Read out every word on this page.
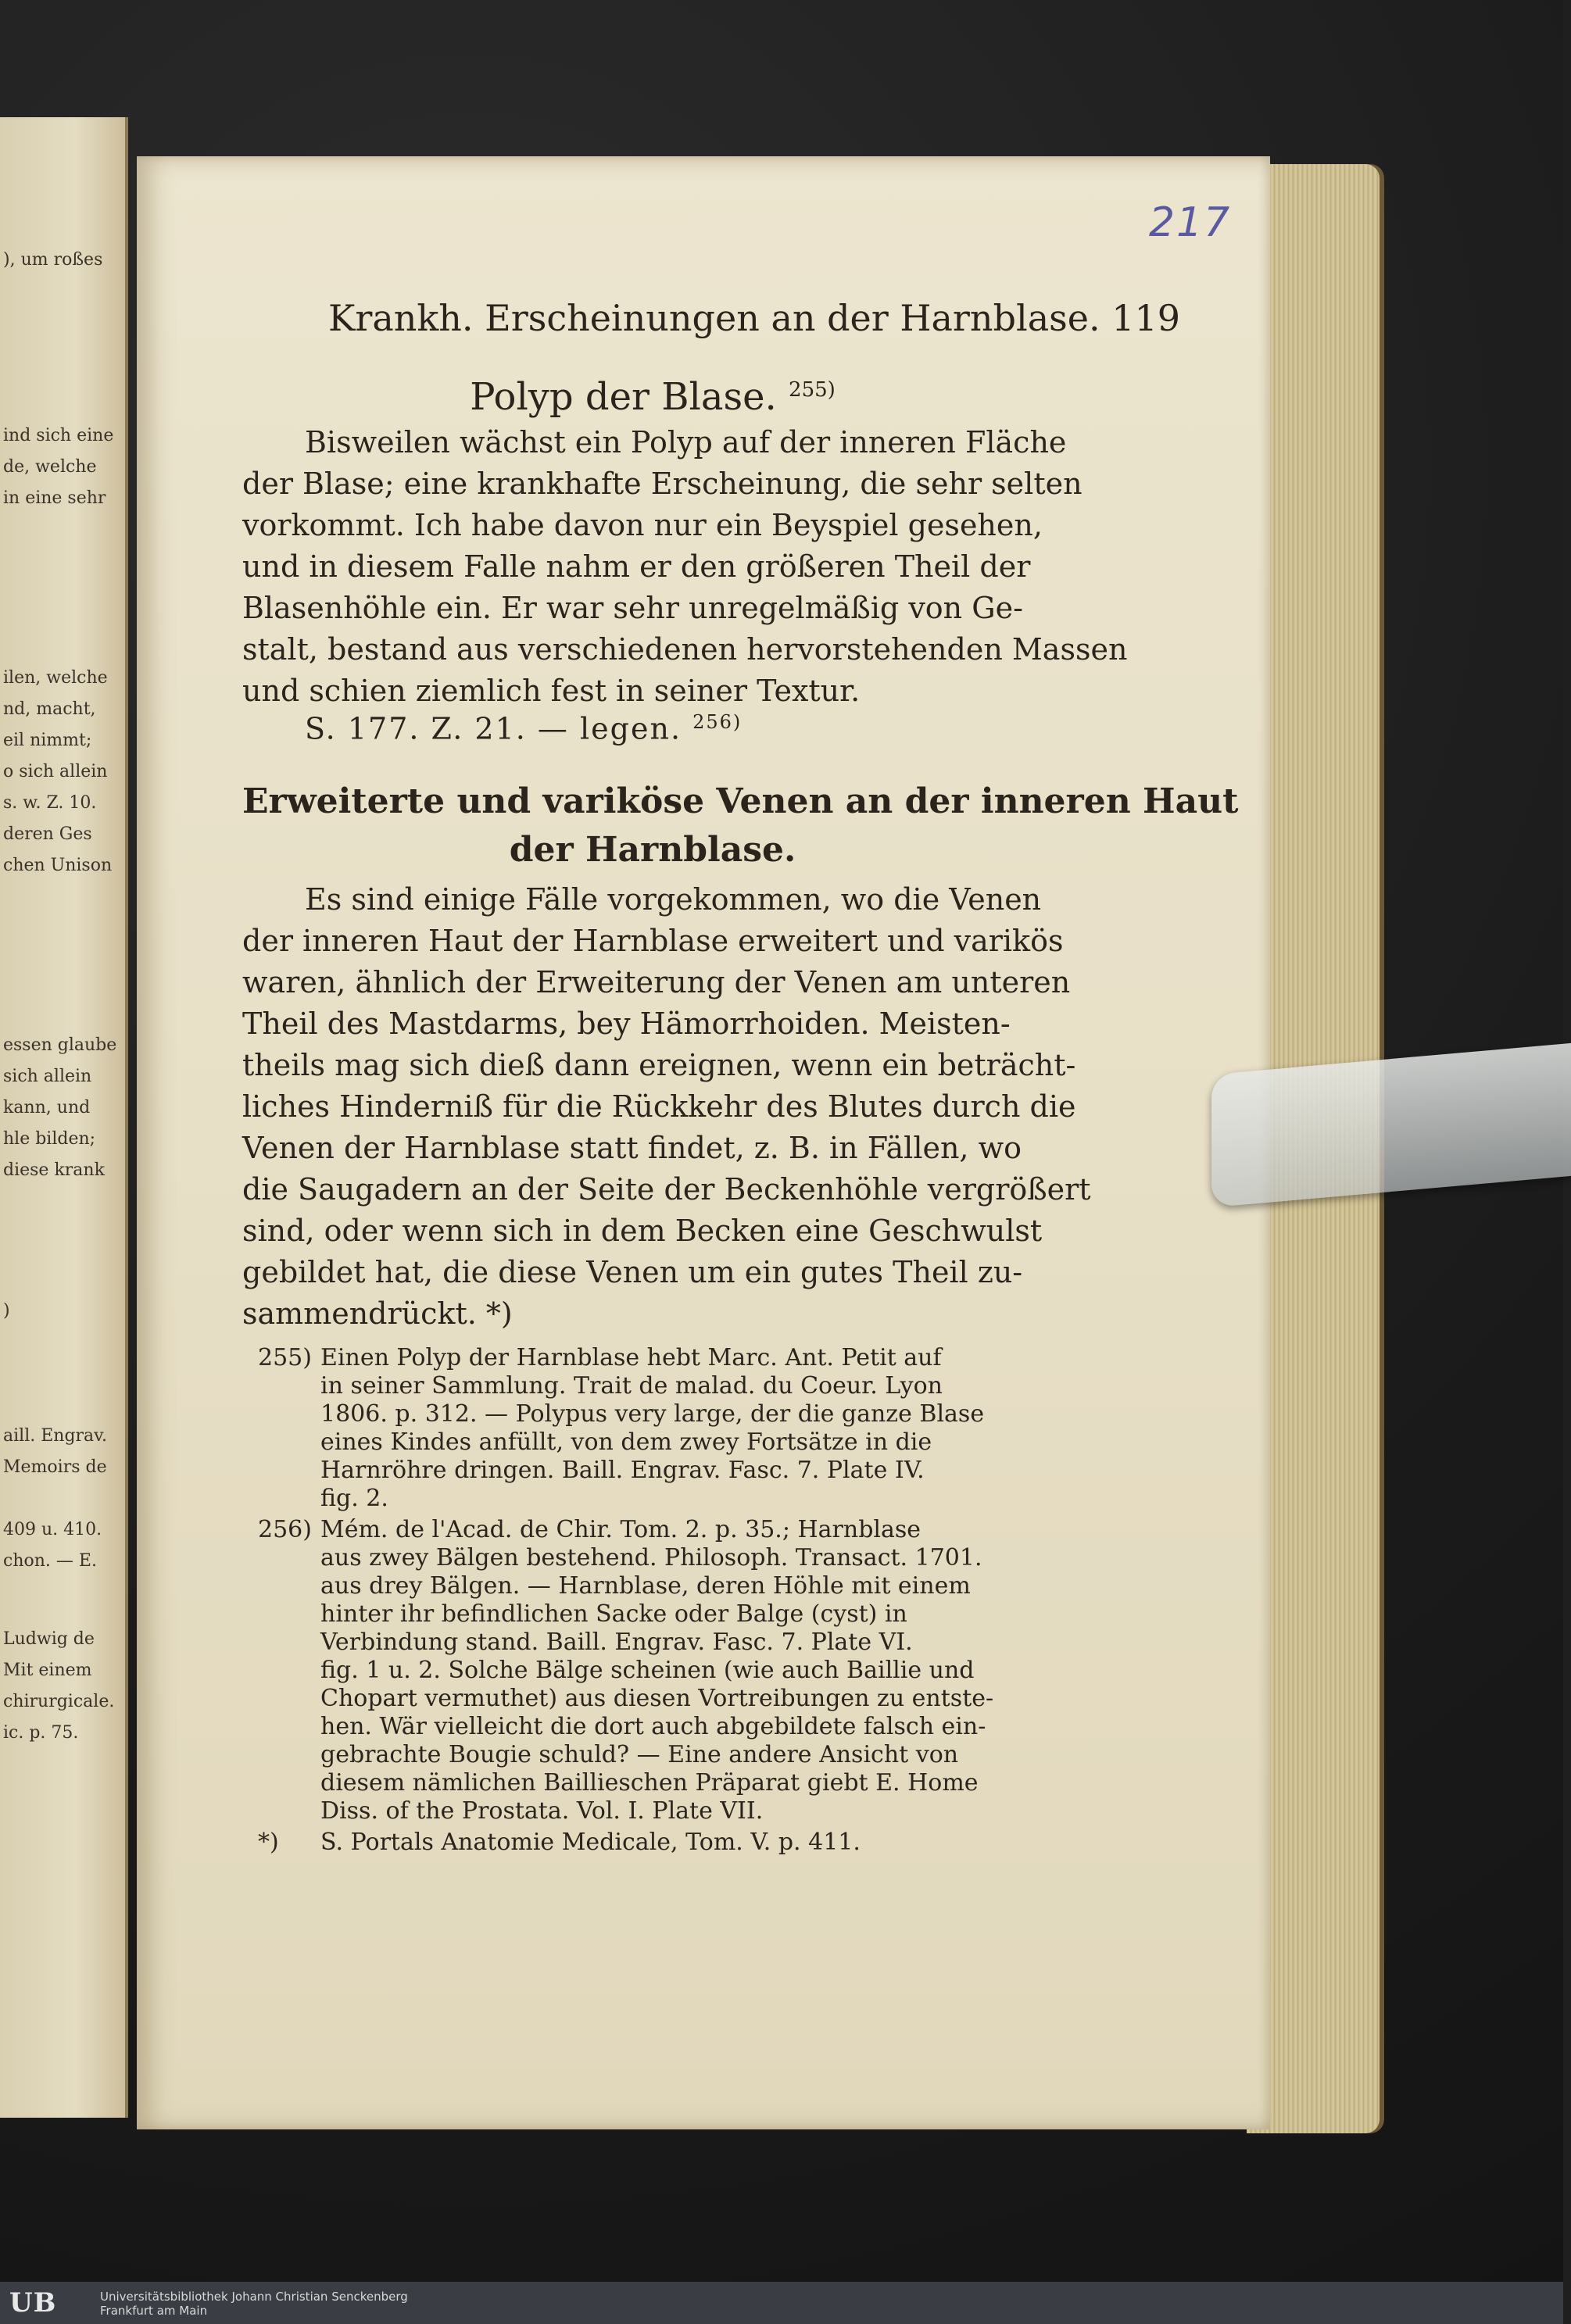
), um roßes
ind sich eine
de, welche
in eine sehr
ilen, welche
nd, macht,
eil nimmt;
o sich allein
s. w. Z. 10.
deren Ges
chen Unison
essen glaube
sich allein
kann, und
hle bilden;
diese krank
)
aill. Engrav.
Memoirs de
409 u. 410.
chon. — E.
Ludwig de
Mit einem
chirurgicale.
ic. p. 75.
217
Krankh. Erscheinungen an der Harnblase. 119
Polyp der Blase. $^{255)}$
Bisweilen wächst ein Polyp auf der inneren Fläche
der Blase; eine krankhafte Erscheinung, die sehr selten
vorkommt. Ich habe davon nur ein Beyspiel gesehen,
und in diesem Falle nahm er den größeren Theil der
Blasenhöhle ein. Er war sehr unregelmäßig von Ge-
stalt, bestand aus verschiedenen hervorstehenden Massen
und schien ziemlich fest in seiner Textur.
S. 177. Z. 21. — legen. $^{256)}$
Erweiterte und variköse Venen an der inneren Haut
der Harnblase.
Es sind einige Fälle vorgekommen, wo die Venen
der inneren Haut der Harnblase erweitert und varikös
waren, ähnlich der Erweiterung der Venen am unteren
Theil des Mastdarms, bey Hämorrhoiden. Meisten-
theils mag sich dieß dann ereignen, wenn ein beträcht-
liches Hinderniß für die Rückkehr des Blutes durch die
Venen der Harnblase statt findet, z. B. in Fällen, wo
die Saugadern an der Seite der Beckenhöhle vergrößert
sind, oder wenn sich in dem Becken eine Geschwulst
gebildet hat, die diese Venen um ein gutes Theil zu-
sammendrückt. *)
255) Einen Polyp der Harnblase hebt Marc. Ant. Petit auf
in seiner Sammlung. Trait de malad. du Coeur. Lyon
1806. p. 312. — Polypus very large, der die ganze Blase
eines Kindes anfüllt, von dem zwey Fortsätze in die
Harnröhre dringen. Baill. Engrav. Fasc. 7. Plate IV.
fig. 2.
256) Mém. de l'Acad. de Chir. Tom. 2. p. 35.; Harnblase
aus zwey Bälgen bestehend. Philosoph. Transact. 1701.
aus drey Bälgen. — Harnblase, deren Höhle mit einem
hinter ihr befindlichen Sacke oder Balge (cyst) in
Verbindung stand. Baill. Engrav. Fasc. 7. Plate VI.
fig. 1 u. 2. Solche Bälge scheinen (wie auch Baillie und
Chopart vermuthet) aus diesen Vortreibungen zu entste-
hen. Wär vielleicht die dort auch abgebildete falsch ein-
gebrachte Bougie schuld? — Eine andere Ansicht von
diesem nämlichen Baillieschen Präparat giebt E. Home
Diss. of the Prostata. Vol. I. Plate VII.
*) S. Portals Anatomie Medicale, Tom. V. p. 411.
UB	Universitätsbibliothek Johann Christian Senckenberg
Frankfurt am Main
